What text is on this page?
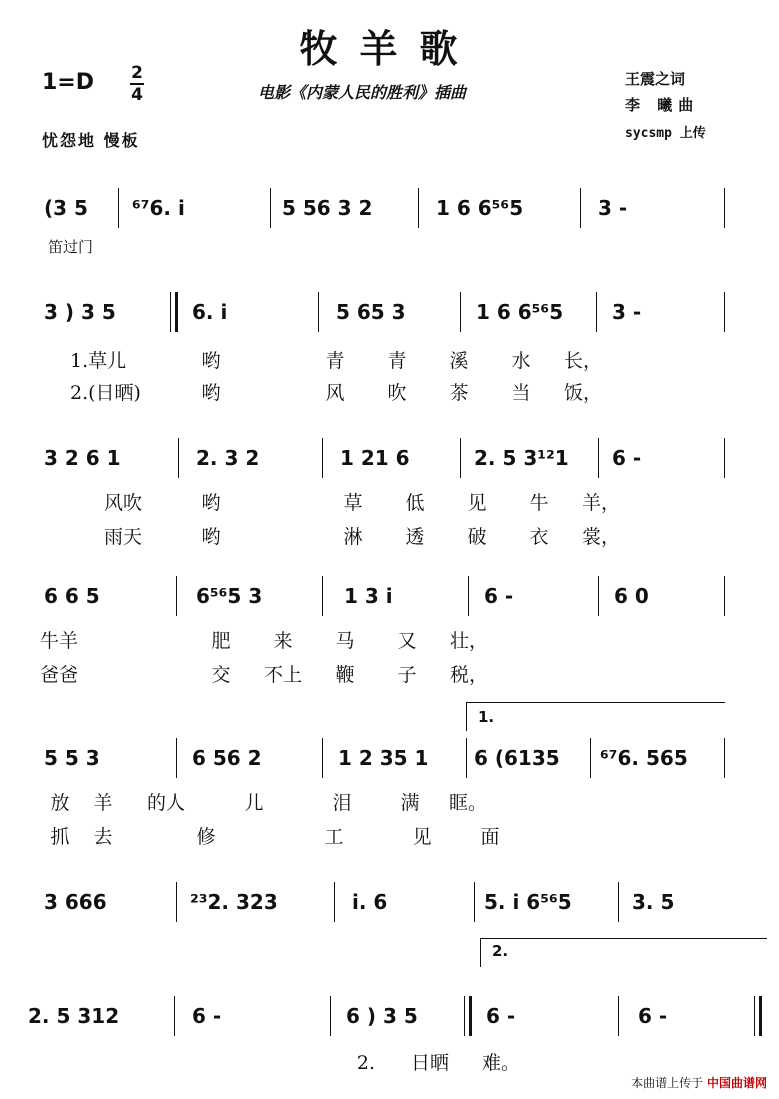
牧羊歌
1=D 2
4	电影《内蒙人民的胜利》插曲
王震之词
李 曦曲
sycsmp 上传
忧怨地 慢板
(3 5 ⁶⁷6. i	5 56 3 2	1 6 6⁵⁶5	3 -
笛过门
3 ) 3 5	6. i	5 65 3	1 6 6⁵⁶5 3 -
1.草儿	哟	青 青 溪 水 长，
2.(日晒)	哟	风 吹 茶 当 饭，
3 2 6 1	2. 3 2	1 21 6	2. 5 3¹²1 6 -
风吹	哟	草 低 见 牛 羊，
雨天	哟	淋 透 破 衣 裳，
6 6 5	6⁵⁶5 3	1 3 i	6 -	6 0
牛羊	肥 来 马 又 壮，
爸爸	交 不上 鞭 子 税，
1.
5 5 3	6 56 2	1 2 35 1 6 (6135 ⁶⁷6. 565
放 羊 的人	儿	泪	满 眶。
抓 去	修	工	见	面
3 666	²³2. 323	i. 6	5. i 6⁵⁶5	3. 5
2.
2. 5 312	6 -	6 ) 3 5	6 -	6 -
2. 日晒 难。
本曲谱上传于 中国曲谱网
